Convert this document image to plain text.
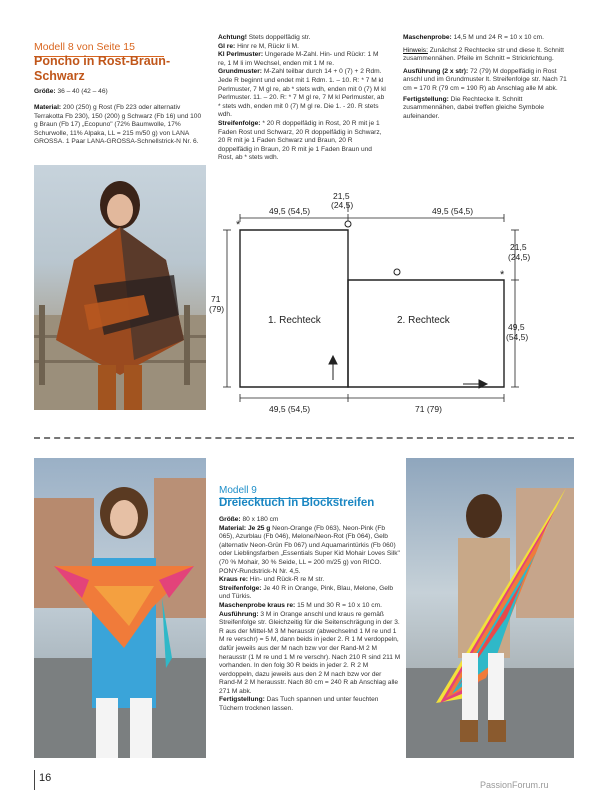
Modell 8 von Seite 15
Poncho in Rost-Braun-
Schwarz
Größe: 36 – 40 (42 – 46)
Material: 200 (250) g Rost (Fb 223 oder alternativ Terrakotta Fb 230), 150 (200) g Schwarz (Fb 16) und 100 g Braun (Fb 17) „Ecopuno" (72% Baumwolle, 17% Schurwolle, 11% Alpaka, LL = 215 m/50 g) von LANA GROSSA. 1 Paar LANA-GROSSA-Schnellstrick-N Nr. 6.
Achtung! Stets doppelfädig str.
Gl re: Hinr re M, Rückr li M.
Kl Perlmuster: Ungerade M-Zahl. Hin- und Rückr: 1 M re, 1 M li im Wechsel, enden mit 1 M re.
Grundmuster: M-Zahl teilbar durch 14 + 0 (7) + 2 Rdm. Jede R beginnt und endet mit 1 Rdm. 1. – 10. R: * 7 M kl Perlmuster, 7 M gl re, ab * stets wdh, enden mit 0 (7) M kl Perlmuster. 11. – 20. R: * 7 M gl re, 7 M kl Perlmuster, ab * stets wdh, enden mit 0 (7) M gl re. Die 1. - 20. R stets wdh.
Streifenfolge: * 20 R doppelfädig in Rost, 20 R mit je 1 Faden Rost und Schwarz, 20 R doppelfädig in Schwarz, 20 R mit je 1 Faden Schwarz und Braun, 20 R doppelfädig in Braun, 20 R mit je 1 Faden Braun und Rost, ab * stets wdh.
Maschenprobe: 14,5 M und 24 R = 10 x 10 cm.
Hinweis: Zunächst 2 Rechtecke str und diese lt. Schnitt zusammennähen. Pfeile im Schnitt = Strickrichtung.
Ausführung (2 x str): 72 (79) M doppelfädig in Rost anschl und im Grundmuster lt. Streifenfolge str. Nach 71 cm = 170 R (79 cm = 190 R) ab Anschlag alle M abk.
Fertigstellung: Die Rechtecke lt. Schnitt zusammennähen, dabei treffen gleiche Symbole aufeinander.
*
*
1. Rechteck	2. Rechteck
49,5 (54,5)	49,5 (54,5)
21,5
(24,5)
21,5
(24,5)
71
(79)
49,5
(54,5)
49,5 (54,5)	71 (79)
Modell 9
Dreiecktuch in Blockstreifen
Größe: 80 x 180 cm
Material: Je 25 g Neon-Orange (Fb 063), Neon-Pink (Fb 065), Azurblau (Fb 046), Melone/Neon-Rot (Fb 064), Gelb (alternativ Neon-Grün Fb 067) und Aquamarintürkis (Fb 060) oder Lieblingsfarben „Essentials Super Kid Mohair Loves Silk" (70 % Mohair, 30 % Seide, LL = 200 m/25 g) von RICO. PONY-Rundstrick-N Nr. 4,5.
Kraus re: Hin- und Rück-R re M str.
Streifenfolge: Je 40 R in Orange, Pink, Blau, Melone, Gelb und Türkis.
Maschenprobe kraus re: 15 M und 30 R = 10 x 10 cm.
Ausführung: 3 M in Orange anschl und kraus re gemäß Streifenfolge str. Gleichzeitig für die Seitenschrägung in der 3. R aus der Mittel-M 3 M herausstr (abwechselnd 1 M re und 1 M re verschr) = 5 M, dann beids in jeder 2. R 1 M verdoppeln, dafür jeweils aus der M nach bzw vor der Rand-M 2 M herausstr (1 M re und 1 M re verschr). Nach 210 R sind 211 M vorhanden. In den folg 30 R beids in jeder 2. R 2 M verdoppeln, dazu jeweils aus den 2 M nach bzw vor der Rand-M 2 M herausstr. Nach 80 cm = 240 R ab Anschlag alle 271 M abk.
Fertigstellung: Das Tuch spannen und unter feuchten Tüchern trocknen lassen.
16
PassionForum.ru
